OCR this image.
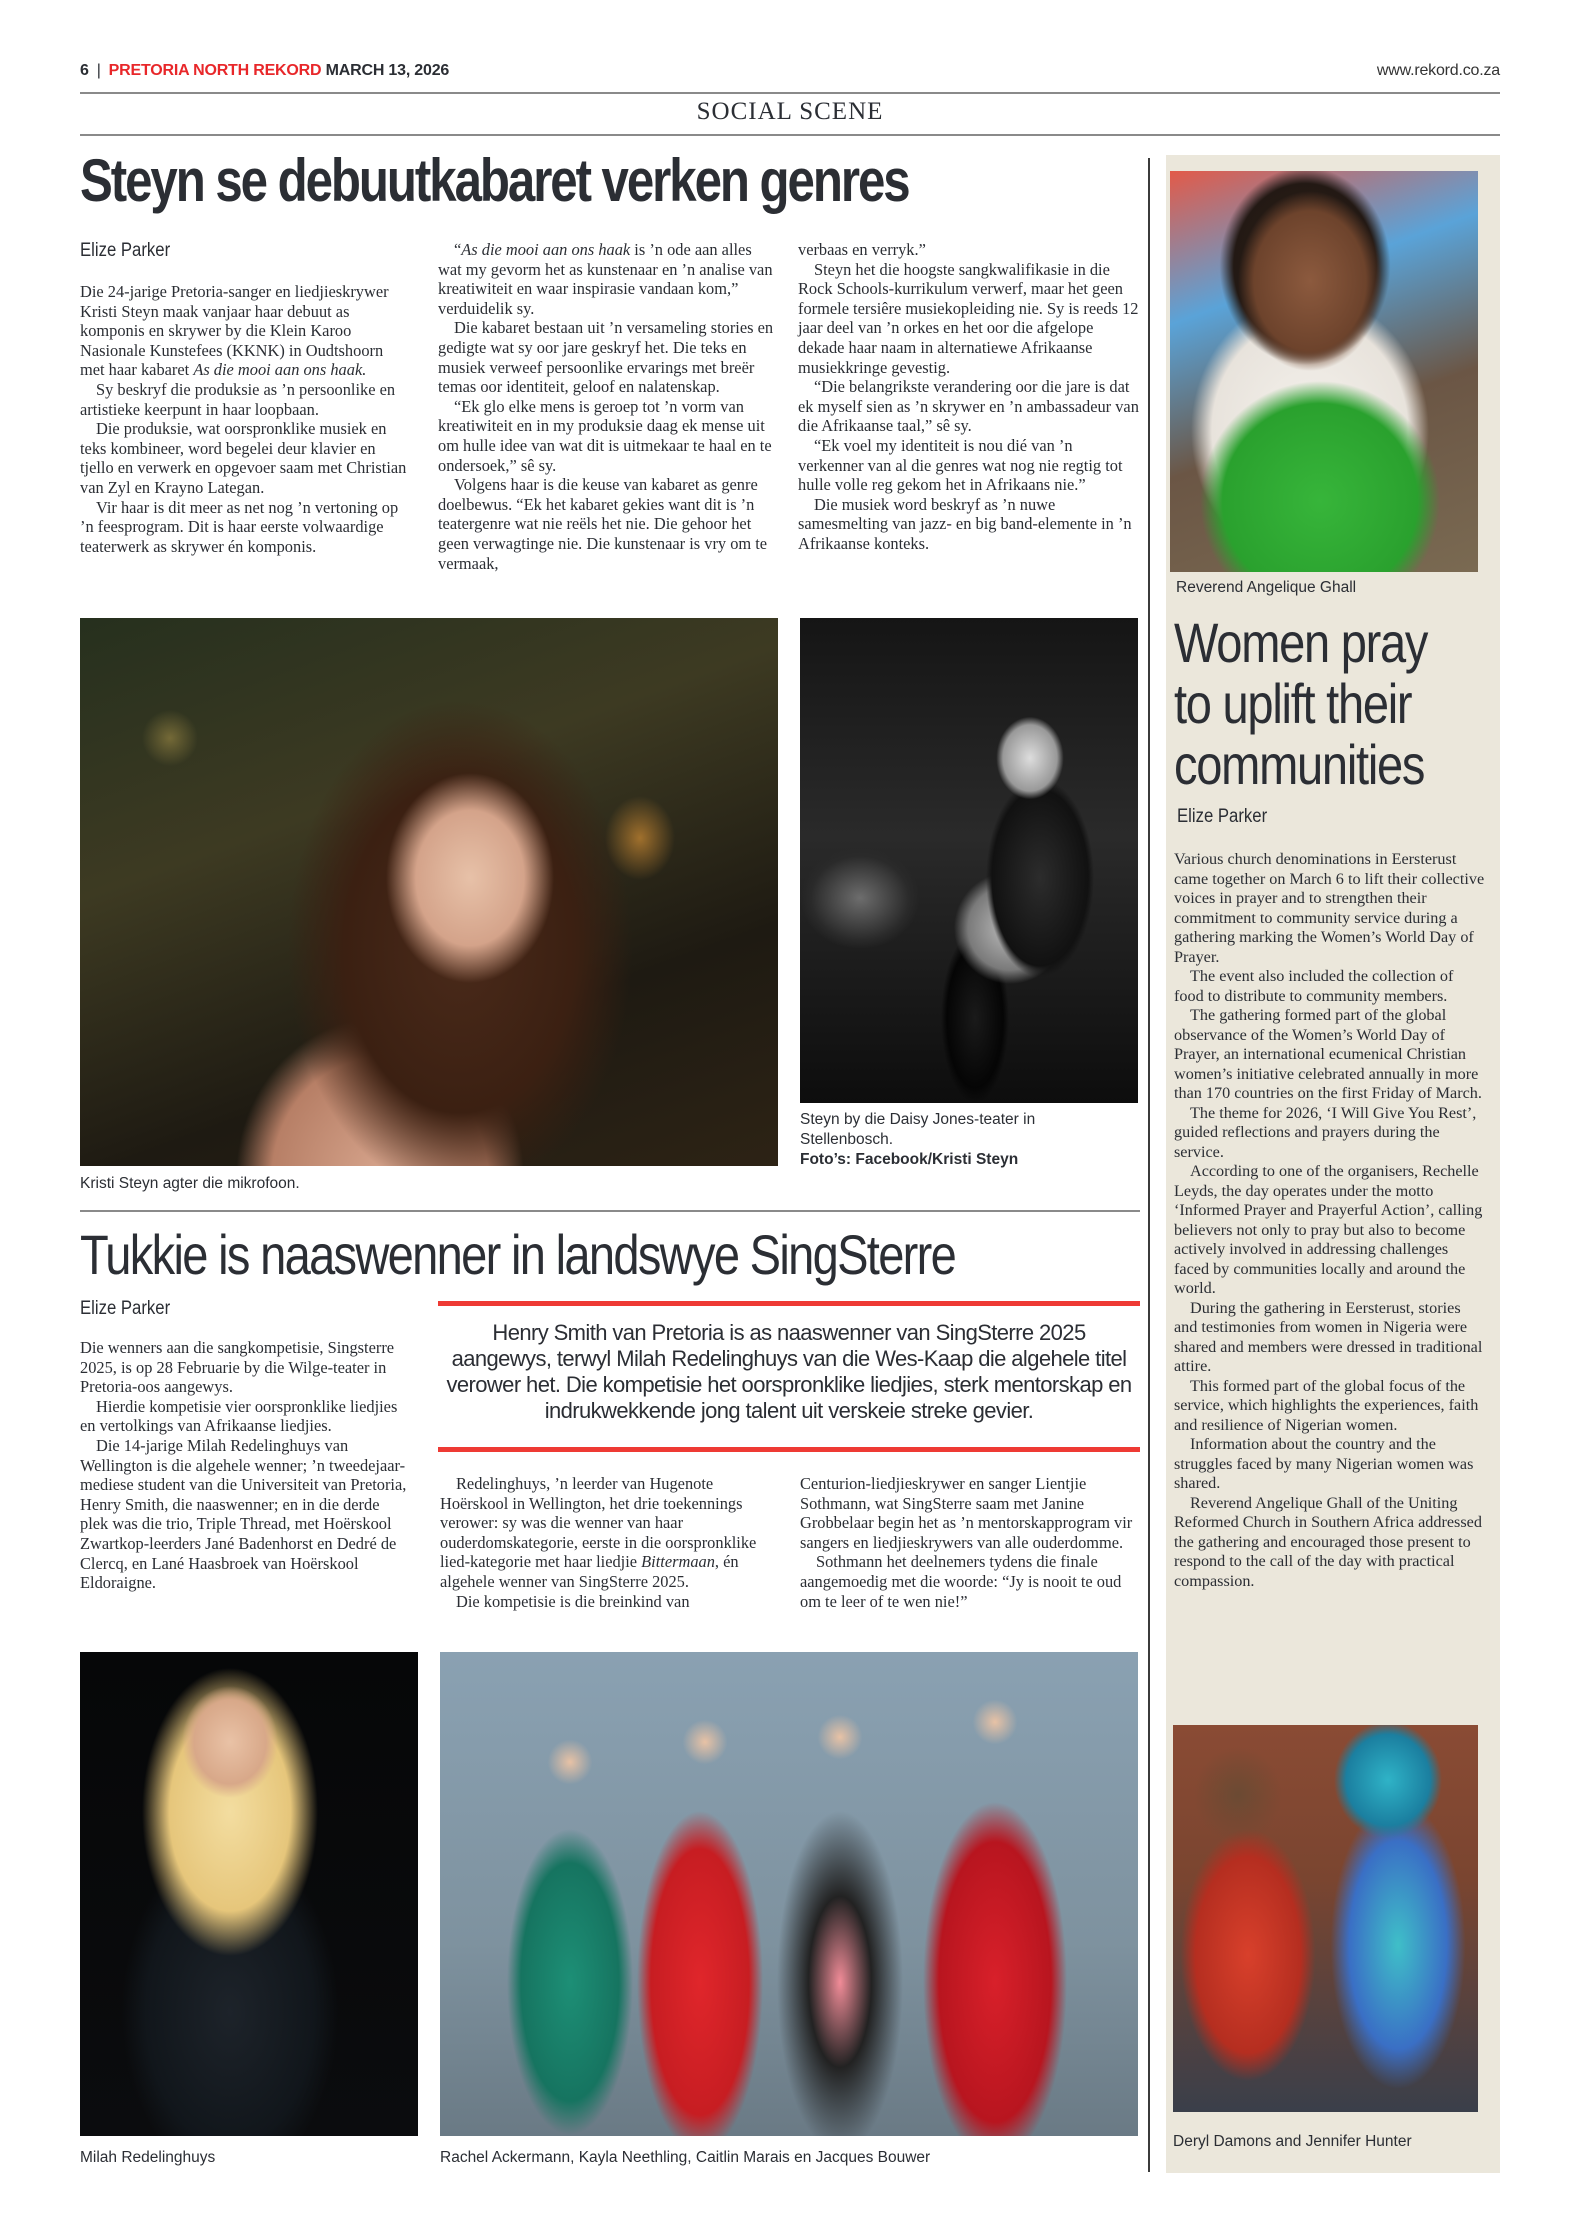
6 | PRETORIA NORTH REKORD MARCH 13, 2026	www.rekord.co.za
SOCIAL SCENE
Steyn se debuutkabaret verken genres
Elize Parker

Die 24-jarige Pretoria-sanger en liedjieskrywer Kristi Steyn maak vanjaar haar debuut as komponis en skrywer by die Klein Karoo Nasionale Kunstefees (KKNK) in Oudtshoorn met haar kabaret As die mooi aan ons haak.

Sy beskryf die produksie as ’n persoonlike en artistieke keerpunt in haar loopbaan.

Die produksie, wat oorspronklike musiek en teks kombineer, word begelei deur klavier en tjello en verwerk en opgevoer saam met Christian van Zyl en Krayno Lategan.

Vir haar is dit meer as net nog ’n vertoning op ’n feesprogram. Dit is haar eerste volwaardige teaterwerk as skrywer én komponis.

“As die mooi aan ons haak is ’n ode aan alles wat my gevorm het as kunstenaar en ’n analise van kreatiwiteit en waar inspirasie vandaan kom,” verduidelik sy.

Die kabaret bestaan uit ’n versameling stories en gedigte wat sy oor jare geskryf het. Die teks en musiek verweef persoonlike ervarings met breër temas oor identiteit, geloof en nalatenskap.

“Ek glo elke mens is geroep tot ’n vorm van kreatiwiteit en in my produksie daag ek mense uit om hulle idee van wat dit is uitmekaar te haal en te ondersoek,” sê sy.

Volgens haar is die keuse van kabaret as genre doelbewus. “Ek het kabaret gekies want dit is ’n teatergenre wat nie reëls het nie. Die gehoor het geen verwagtinge nie. Die kunstenaar is vry om te vermaak,

verbaas en verryk.”

Steyn het die hoogste sangkwalifikasie in die Rock Schools-kurrikulum verwerf, maar het geen formele tersiêre musiekopleiding nie. Sy is reeds 12 jaar deel van ’n orkes en het oor die afgelope dekade haar naam in alternatiewe Afrikaanse musiekkringe gevestig.

“Die belangrikste verandering oor die jare is dat ek myself sien as ’n skrywer en ’n ambassadeur van die Afrikaanse taal,” sê sy.

“Ek voel my identiteit is nou dié van ’n verkenner van al die genres wat nog nie regtig tot hulle volle reg gekom het in Afrikaans nie.”

Die musiek word beskryf as ’n nuwe samesmelting van jazz- en big band-elemente in ’n Afrikaanse konteks.

Kristi Steyn agter die mikrofoon.
Steyn by die Daisy Jones-teater in Stellenbosch.
Foto’s: Facebook/Kristi Steyn
Tukkie is naaswenner in landswye SingSterre
Elize Parker

Die wenners aan die sangkompetisie, Singsterre 2025, is op 28 Februarie by die Wilge-teater in Pretoria-oos aangewys.

Hierdie kompetisie vier oorspronklike liedjies en vertolkings van Afrikaanse liedjies.

Die 14-jarige Milah Redelinghuys van Wellington is die algehele wenner; ’n tweedejaar-mediese student van die Universiteit van Pretoria, Henry Smith, die naaswenner; en in die derde plek was die trio, Triple Thread, met Hoërskool Zwartkop-leerders Jané Badenhorst en Dedré de Clercq, en Lané Haasbroek van Hoërskool Eldoraigne.

Henry Smith van Pretoria is as naaswenner van SingSterre 2025 aangewys, terwyl Milah Redelinghuys van die Wes-Kaap die algehele titel verower het. Die kompetisie het oorspronklike liedjies, sterk mentorskap en indrukwekkende jong talent uit verskeie streke gevier.

Redelinghuys, ’n leerder van Hugenote Hoërskool in Wellington, het drie toekennings verower: sy was die wenner van haar ouderdomskategorie, eerste in die oorspronklike lied-kategorie met haar liedjie Bittermaan, én algehele wenner van SingSterre 2025.

Die kompetisie is die breinkind van

Centurion-liedjieskrywer en sanger Lientjie Sothmann, wat SingSterre saam met Janine Grobbelaar begin het as ’n mentorskapprogram vir sangers en liedjieskrywers van alle ouderdomme.

Sothmann het deelnemers tydens die finale aangemoedig met die woorde: “Jy is nooit te oud om te leer of te wen nie!”

Milah Redelinghuys	Rachel Ackermann, Kayla Neethling, Caitlin Marais en Jacques Bouwer
Reverend Angelique Ghall
Women pray
to uplift their
communities
Elize Parker

Various church denominations in Eersterust came together on March 6 to lift their collective voices in prayer and to strengthen their commitment to community service during a gathering marking the Women’s World Day of Prayer.

The event also included the collection of food to distribute to community members.

The gathering formed part of the global observance of the Women’s World Day of Prayer, an international ecumenical Christian women’s initiative celebrated annually in more than 170 countries on the first Friday of March.

The theme for 2026, ‘I Will Give You Rest’, guided reflections and prayers during the service.

According to one of the organisers, Rechelle Leyds, the day operates under the motto ‘Informed Prayer and Prayerful Action’, calling believers not only to pray but also to become actively involved in addressing challenges faced by communities locally and around the world.

During the gathering in Eersterust, stories and testimonies from women in Nigeria were shared and members were dressed in traditional attire.

This formed part of the global focus of the service, which highlights the experiences, faith and resilience of Nigerian women.

Information about the country and the struggles faced by many Nigerian women was shared.

Reverend Angelique Ghall of the Uniting Reformed Church in Southern Africa addressed the gathering and encouraged those present to respond to the call of the day with practical compassion.

Deryl Damons and Jennifer Hunter
